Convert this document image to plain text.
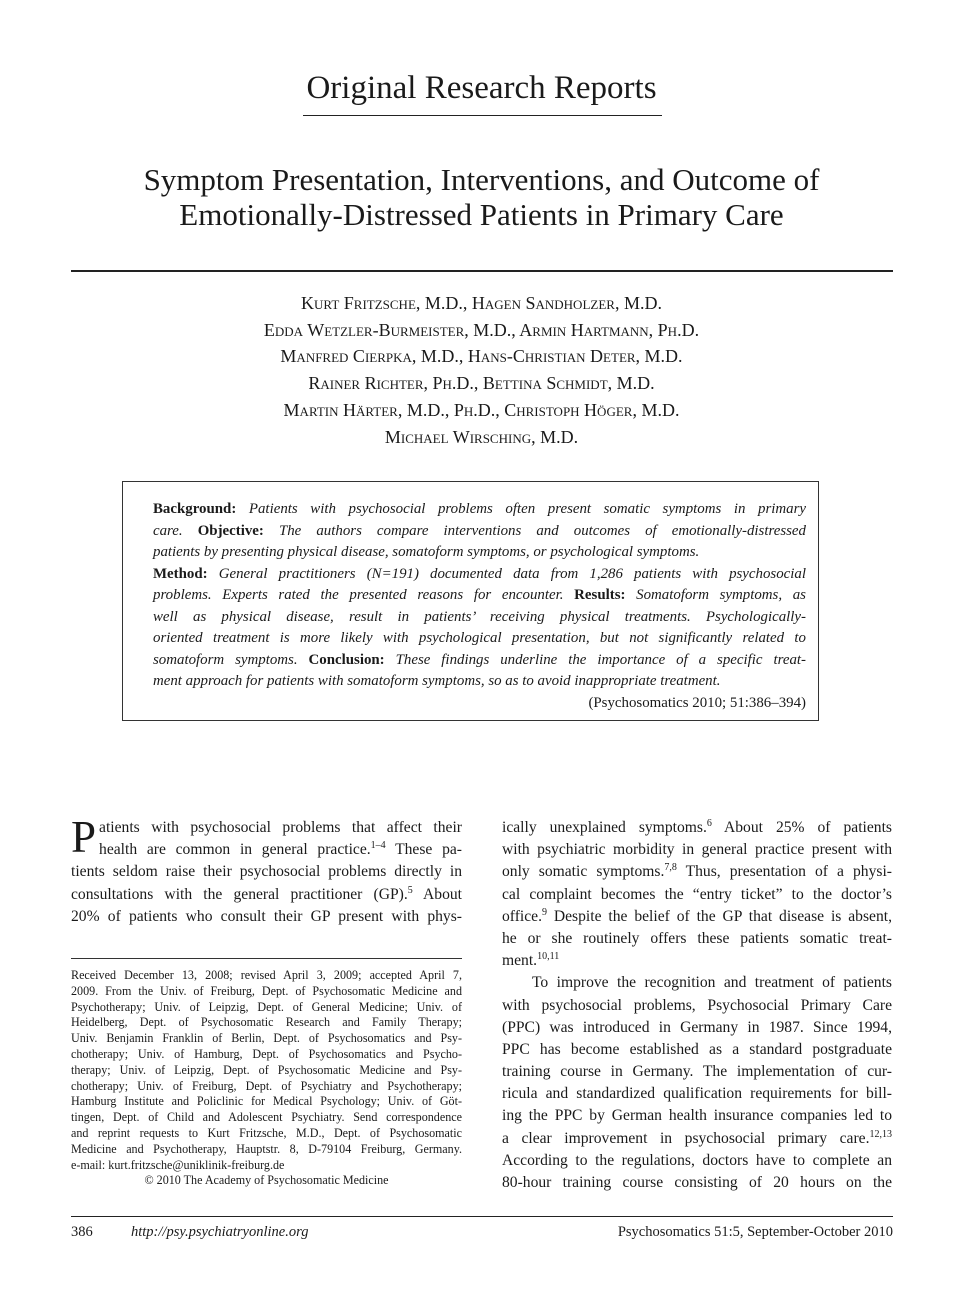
Original Research Reports
Symptom Presentation, Interventions, and Outcome of
Emotionally-Distressed Patients in Primary Care
Kurt Fritzsche, M.D., Hagen Sandholzer, M.D.
Edda Wetzler-Burmeister, M.D., Armin Hartmann, Ph.D.
Manfred Cierpka, M.D., Hans-Christian Deter, M.D.
Rainer Richter, Ph.D., Bettina Schmidt, M.D.
Martin Härter, M.D., Ph.D., Christoph Höger, M.D.
Michael Wirsching, M.D.
Background: Patients with psychosocial problems often present somatic symptoms in primary
care. Objective: The authors compare interventions and outcomes of emotionally-distressed
patients by presenting physical disease, somatoform symptoms, or psychological symptoms.
Method: General practitioners (N=191) documented data from 1,286 patients with psychosocial
problems. Experts rated the presented reasons for encounter. Results: Somatoform symptoms, as
well as physical disease, result in patients’ receiving physical treatments. Psychologically-
oriented treatment is more likely with psychological presentation, but not significantly related to
somatoform symptoms. Conclusion: These findings underline the importance of a specific treat-
ment approach for patients with somatoform symptoms, so as to avoid inappropriate treatment.
(Psychosomatics 2010; 51:386–394)
P atients with psychosocial problems that affect their
health are common in general practice.$^{1-4}$ These pa-
tients seldom raise their psychosocial problems directly in
consultations with the general practitioner (GP).$^5$ About
20% of patients who consult their GP present with phys-
Received December 13, 2008; revised April 3, 2009; accepted April 7,
2009. From the Univ. of Freiburg, Dept. of Psychosomatic Medicine and
Psychotherapy; Univ. of Leipzig, Dept. of General Medicine; Univ. of
Heidelberg, Dept. of Psychosomatic Research and Family Therapy;
Univ. Benjamin Franklin of Berlin, Dept. of Psychosomatics and Psy-
chotherapy; Univ. of Hamburg, Dept. of Psychosomatics and Psycho-
therapy; Univ. of Leipzig, Dept. of Psychosomatic Medicine and Psy-
chotherapy; Univ. of Freiburg, Dept. of Psychiatry and Psychotherapy;
Hamburg Institute and Policlinic for Medical Psychology; Univ. of Göt-
tingen, Dept. of Child and Adolescent Psychiatry. Send correspondence
and reprint requests to Kurt Fritzsche, M.D., Dept. of Psychosomatic
Medicine and Psychotherapy, Hauptstr. 8, D-79104 Freiburg, Germany.
e-mail: kurt.fritzsche@uniklinik-freiburg.de
© 2010 The Academy of Psychosomatic Medicine
ically unexplained symptoms.$^6$ About 25% of patients
with psychiatric morbidity in general practice present with
only somatic symptoms.$^{7,8}$ Thus, presentation of a physi-
cal complaint becomes the “entry ticket” to the doctor’s
office.$^9$ Despite the belief of the GP that disease is absent,
he or she routinely offers these patients somatic treat-
ment.$^{10,11}$
To improve the recognition and treatment of patients
with psychosocial problems, Psychosocial Primary Care
(PPC) was introduced in Germany in 1987. Since 1994,
PPC has become established as a standard postgraduate
training course in Germany. The implementation of cur-
ricula and standardized qualification requirements for bill-
ing the PPC by German health insurance companies led to
a clear improvement in psychosocial primary care.$^{12,13}$
According to the regulations, doctors have to complete an
80-hour training course consisting of 20 hours on the
386	http://psy.psychiatryonline.org	Psychosomatics 51:5, September-October 2010
